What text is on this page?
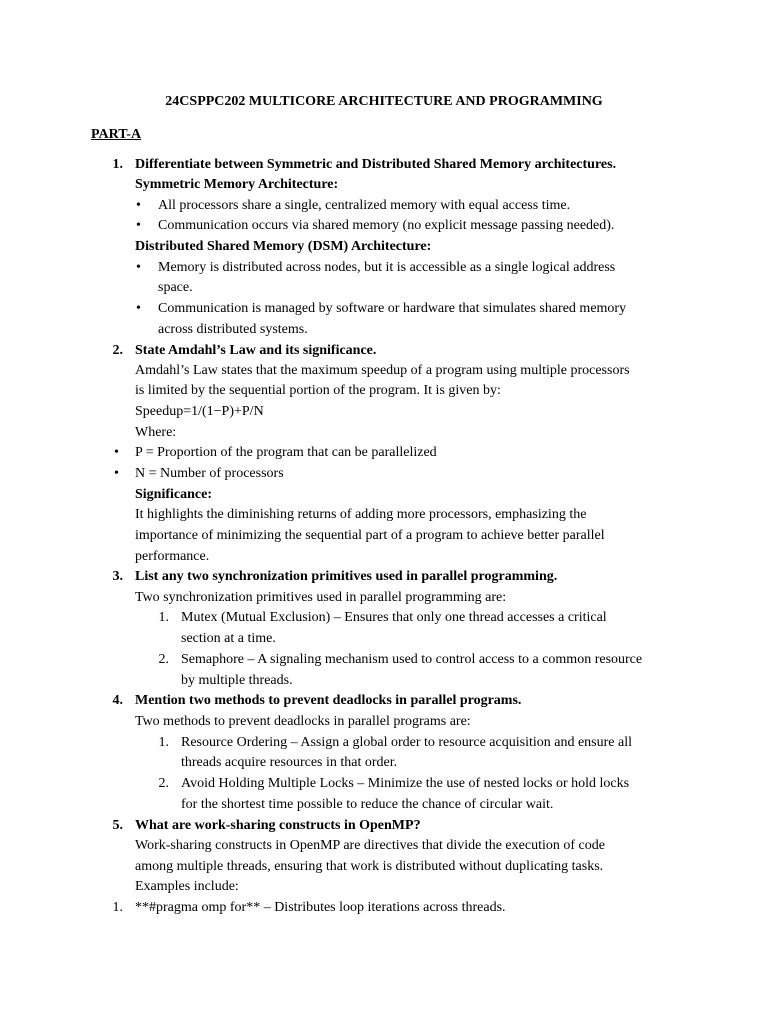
24CSPPC202 MULTICORE ARCHITECTURE AND PROGRAMMING
PART-A
1. Differentiate between Symmetric and Distributed Shared Memory architectures.
Symmetric Memory Architecture:
• All processors share a single, centralized memory with equal access time.
• Communication occurs via shared memory (no explicit message passing needed).
Distributed Shared Memory (DSM) Architecture:
• Memory is distributed across nodes, but it is accessible as a single logical address
space.
• Communication is managed by software or hardware that simulates shared memory
across distributed systems.
2. State Amdahl’s Law and its significance.
Amdahl’s Law states that the maximum speedup of a program using multiple processors
is limited by the sequential portion of the program. It is given by:
Speedup=1/(1−P)+P/N
Where:
• P = Proportion of the program that can be parallelized
• N = Number of processors
Significance:
It highlights the diminishing returns of adding more processors, emphasizing the
importance of minimizing the sequential part of a program to achieve better parallel
performance.
3. List any two synchronization primitives used in parallel programming.
Two synchronization primitives used in parallel programming are:
1. Mutex (Mutual Exclusion) – Ensures that only one thread accesses a critical
section at a time.
2. Semaphore – A signaling mechanism used to control access to a common resource
by multiple threads.
4. Mention two methods to prevent deadlocks in parallel programs.
Two methods to prevent deadlocks in parallel programs are:
1. Resource Ordering – Assign a global order to resource acquisition and ensure all
threads acquire resources in that order.
2. Avoid Holding Multiple Locks – Minimize the use of nested locks or hold locks
for the shortest time possible to reduce the chance of circular wait.
5. What are work-sharing constructs in OpenMP?
Work-sharing constructs in OpenMP are directives that divide the execution of code
among multiple threads, ensuring that work is distributed without duplicating tasks.
Examples include:
1. **#pragma omp for** – Distributes loop iterations across threads.
